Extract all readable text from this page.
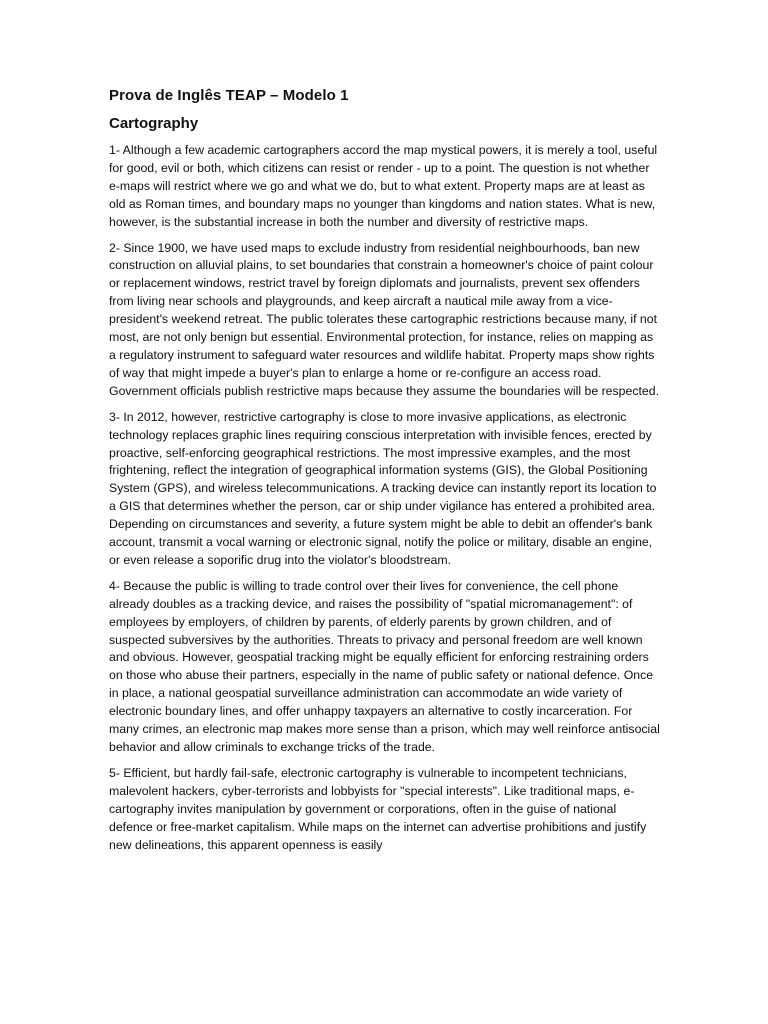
Prova de Inglês TEAP – Modelo 1
Cartography

1- Although a few academic cartographers accord the map mystical powers, it is merely a tool, useful for good, evil or both, which citizens can resist or render - up to a point. The question is not whether e-maps will restrict where we go and what we do, but to what extent. Property maps are at least as old as Roman times, and boundary maps no younger than kingdoms and nation states. What is new, however, is the substantial increase in both the number and diversity of restrictive maps.

2- Since 1900, we have used maps to exclude industry from residential neighbourhoods, ban new construction on alluvial plains, to set boundaries that constrain a homeowner's choice of paint colour or replacement windows, restrict travel by foreign diplomats and journalists, prevent sex offenders from living near schools and playgrounds, and keep aircraft a nautical mile away from a vice-president's weekend retreat. The public tolerates these cartographic restrictions because many, if not most, are not only benign but essential. Environmental protection, for instance, relies on mapping as a regulatory instrument to safeguard water resources and wildlife habitat. Property maps show rights of way that might impede a buyer's plan to enlarge a home or re-configure an access road. Government officials publish restrictive maps because they assume the boundaries will be respected.

3- In 2012, however, restrictive cartography is close to more invasive applications, as electronic technology replaces graphic lines requiring conscious interpretation with invisible fences, erected by proactive, self-enforcing geographical restrictions. The most impressive examples, and the most frightening, reflect the integration of geographical information systems (GIS), the Global Positioning System (GPS), and wireless telecommunications. A tracking device can instantly report its location to a GIS that determines whether the person, car or ship under vigilance has entered a prohibited area. Depending on circumstances and severity, a future system might be able to debit an offender's bank account, transmit a vocal warning or electronic signal, notify the police or military, disable an engine, or even release a soporific drug into the violator's bloodstream.

4- Because the public is willing to trade control over their lives for convenience, the cell phone already doubles as a tracking device, and raises the possibility of "spatial micromanagement": of employees by employers, of children by parents, of elderly parents by grown children, and of suspected subversives by the authorities. Threats to privacy and personal freedom are well known and obvious. However, geospatial tracking might be equally efficient for enforcing restraining orders on those who abuse their partners, especially in the name of public safety or national defence. Once in place, a national geospatial surveillance administration can accommodate an wide variety of electronic boundary lines, and offer unhappy taxpayers an alternative to costly incarceration. For many crimes, an electronic map makes more sense than a prison, which may well reinforce antisocial behavior and allow criminals to exchange tricks of the trade.

5- Efficient, but hardly fail-safe, electronic cartography is vulnerable to incompetent technicians, malevolent hackers, cyber-terrorists and lobbyists for "special interests". Like traditional maps, e-cartography invites manipulation by government or corporations, often in the guise of national defence or free-market capitalism. While maps on the internet can advertise prohibitions and justify new delineations, this apparent openness is easily
